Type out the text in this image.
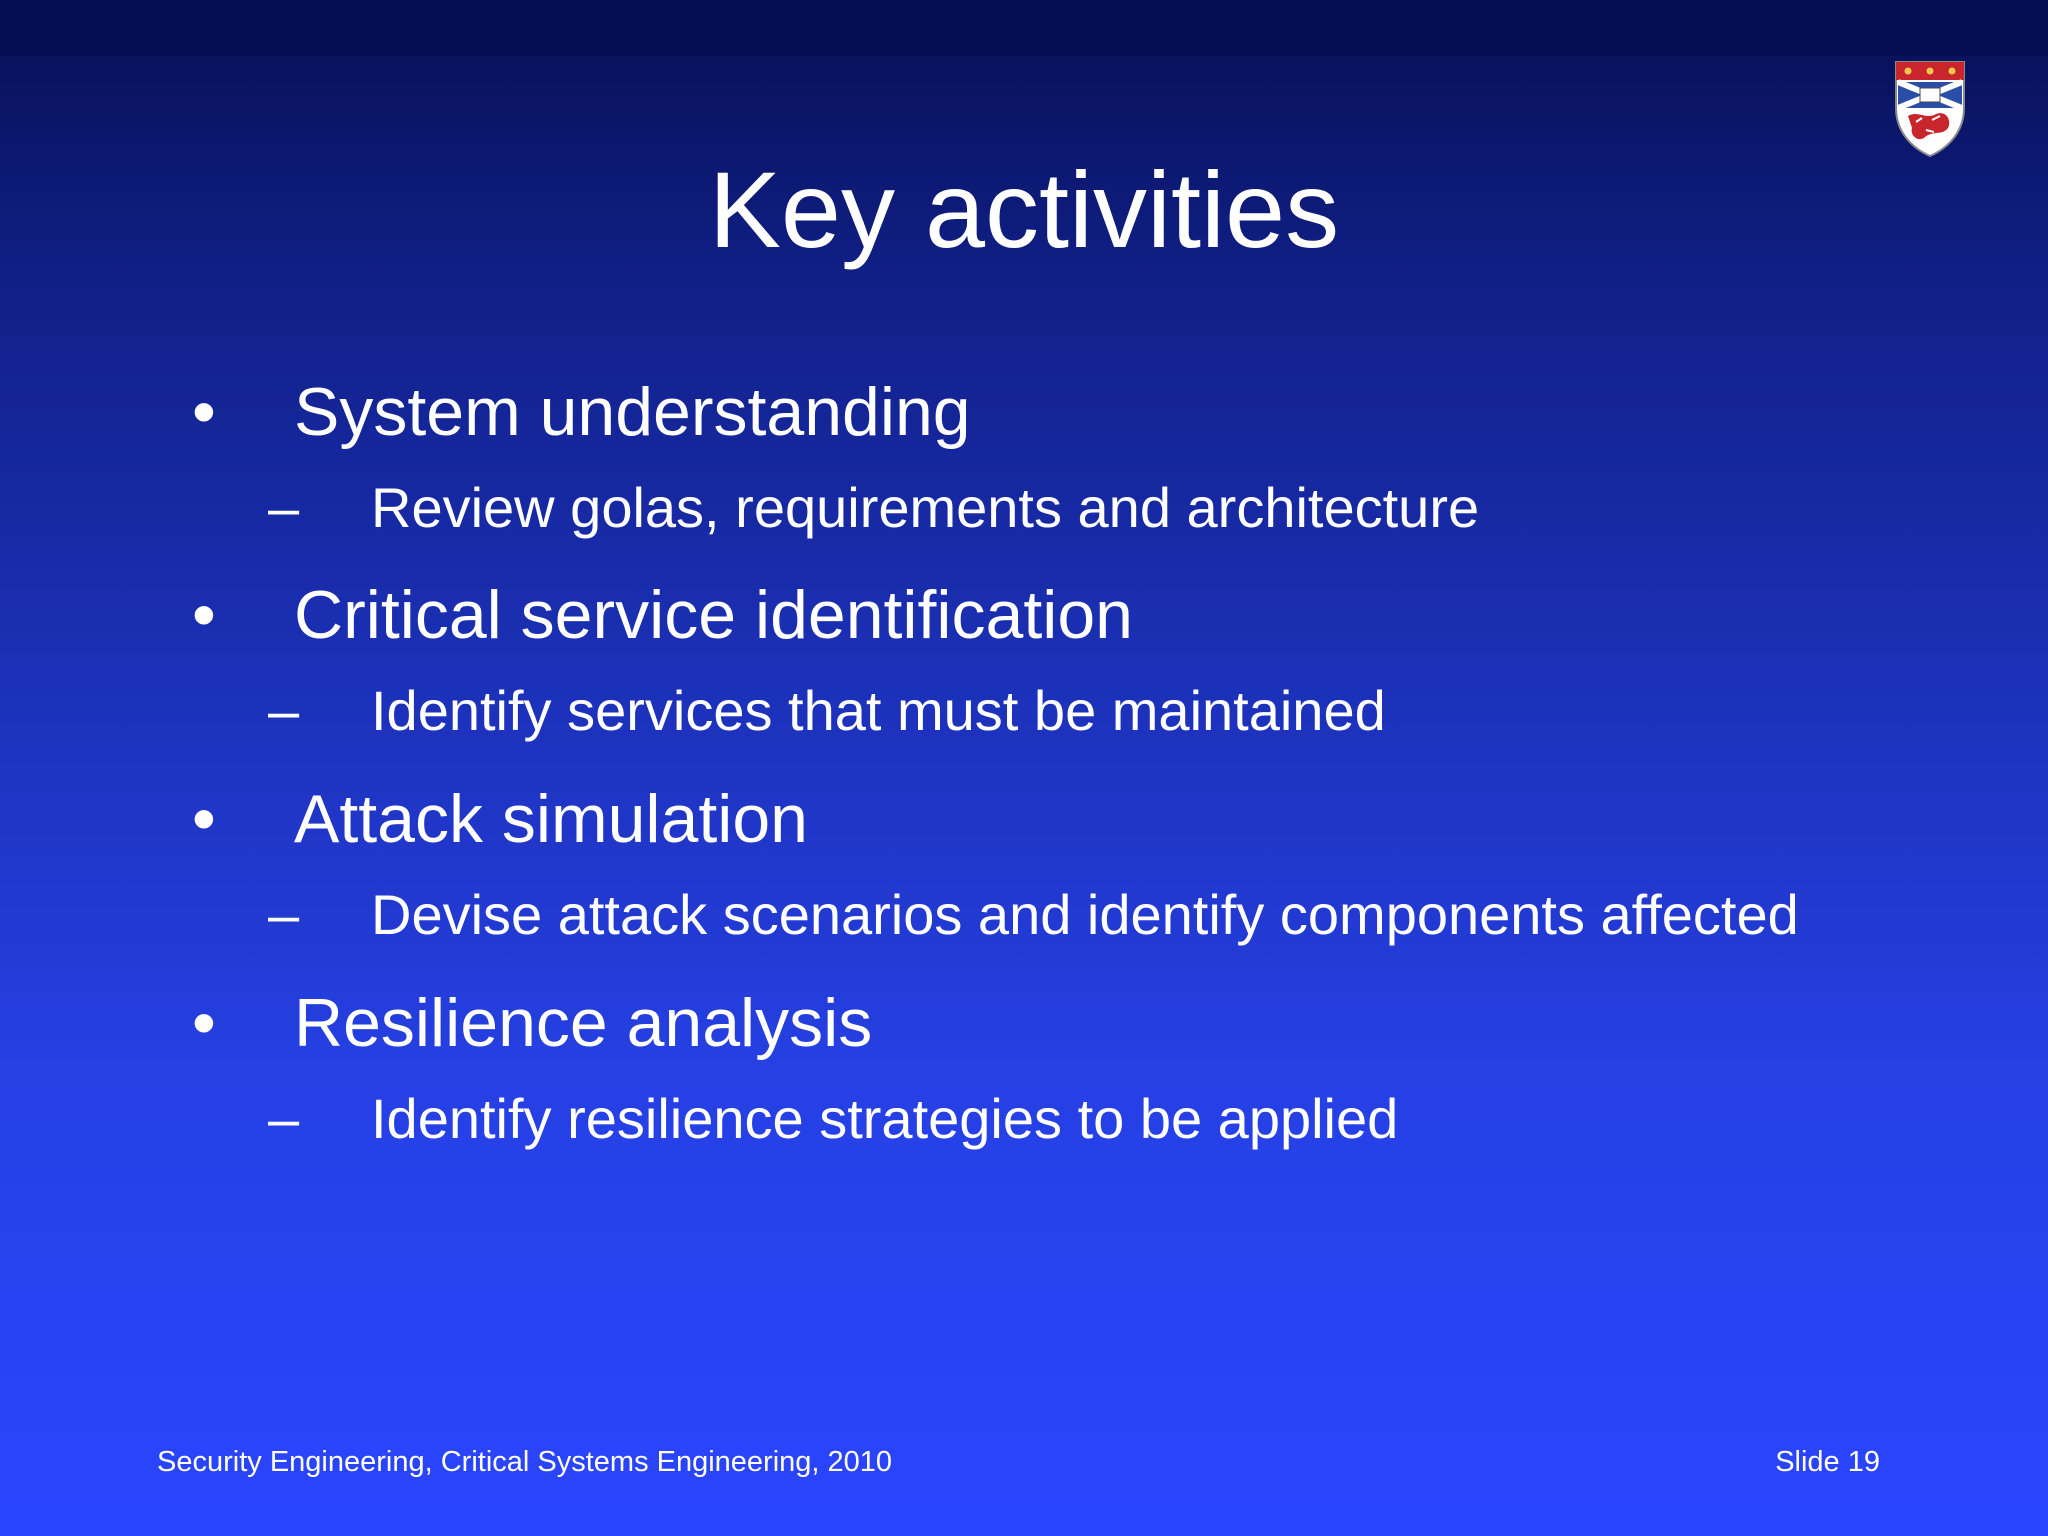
Key activities
• System understanding
– Review golas, requirements and architecture
• Critical service identification
– Identify services that must be maintained
• Attack simulation
– Devise attack scenarios and identify components affected
• Resilience analysis
– Identify resilience strategies to be applied
Security Engineering, Critical Systems Engineering, 2010	Slide 19
